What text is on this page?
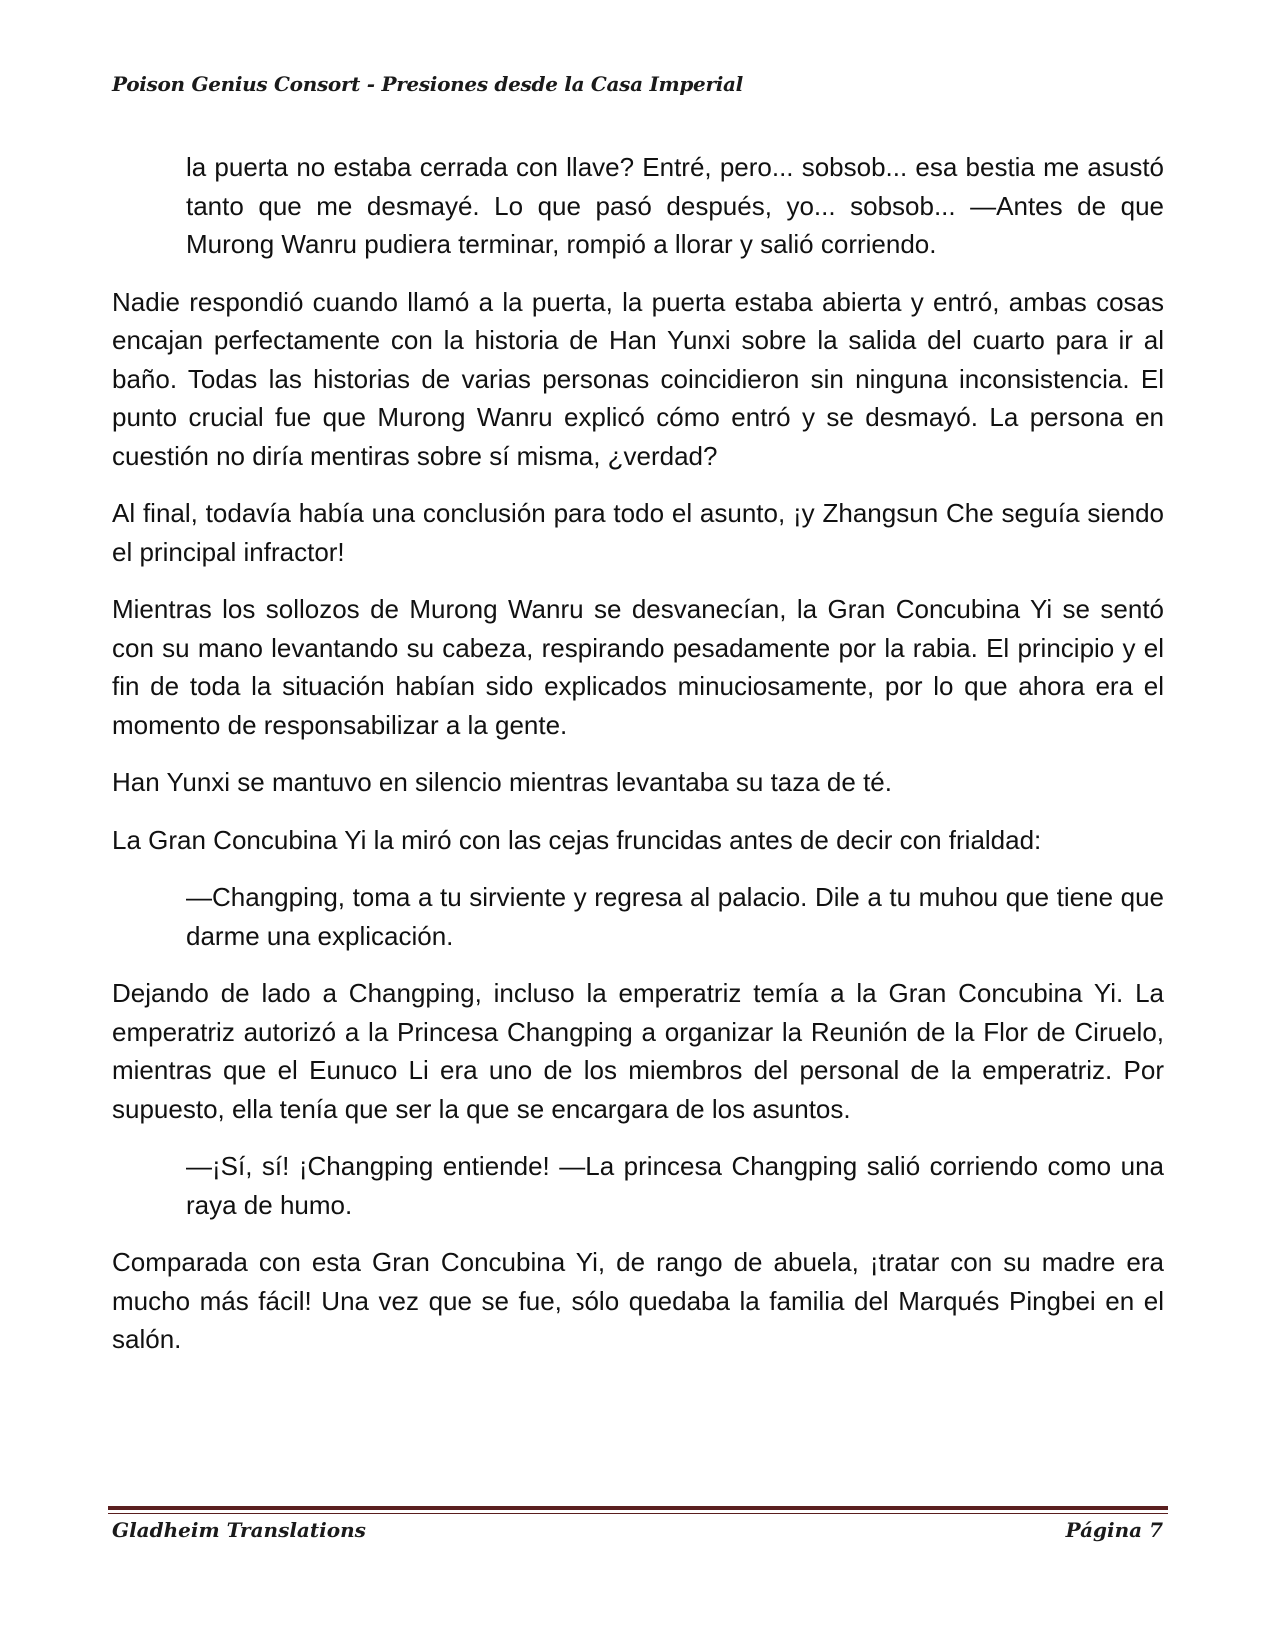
Poison Genius Consort - Presiones desde la Casa Imperial

la puerta no estaba cerrada con llave? Entré, pero... sobsob... esa bestia me asustó tanto que me desmayé. Lo que pasó después, yo... sobsob... —Antes de que Murong Wanru pudiera terminar, rompió a llorar y salió corriendo.

Nadie respondió cuando llamó a la puerta, la puerta estaba abierta y entró, ambas cosas encajan perfectamente con la historia de Han Yunxi sobre la salida del cuarto para ir al baño. Todas las historias de varias personas coincidieron sin ninguna inconsistencia. El punto crucial fue que Murong Wanru explicó cómo entró y se desmayó. La persona en cuestión no diría mentiras sobre sí misma, ¿verdad?

Al final, todavía había una conclusión para todo el asunto, ¡y Zhangsun Che seguía siendo el principal infractor!

Mientras los sollozos de Murong Wanru se desvanecían, la Gran Concubina Yi se sentó con su mano levantando su cabeza, respirando pesadamente por la rabia. El principio y el fin de toda la situación habían sido explicados minuciosamente, por lo que ahora era el momento de responsabilizar a la gente.

Han Yunxi se mantuvo en silencio mientras levantaba su taza de té.

La Gran Concubina Yi la miró con las cejas fruncidas antes de decir con frialdad:

—Changping, toma a tu sirviente y regresa al palacio. Dile a tu muhou que tiene que darme una explicación.

Dejando de lado a Changping, incluso la emperatriz temía a la Gran Concubina Yi. La emperatriz autorizó a la Princesa Changping a organizar la Reunión de la Flor de Ciruelo, mientras que el Eunuco Li era uno de los miembros del personal de la emperatriz. Por supuesto, ella tenía que ser la que se encargara de los asuntos.

—¡Sí, sí! ¡Changping entiende! —La princesa Changping salió corriendo como una raya de humo.

Comparada con esta Gran Concubina Yi, de rango de abuela, ¡tratar con su madre era mucho más fácil! Una vez que se fue, sólo quedaba la familia del Marqués Pingbei en el salón.

Gladheim Translations	Página 7
